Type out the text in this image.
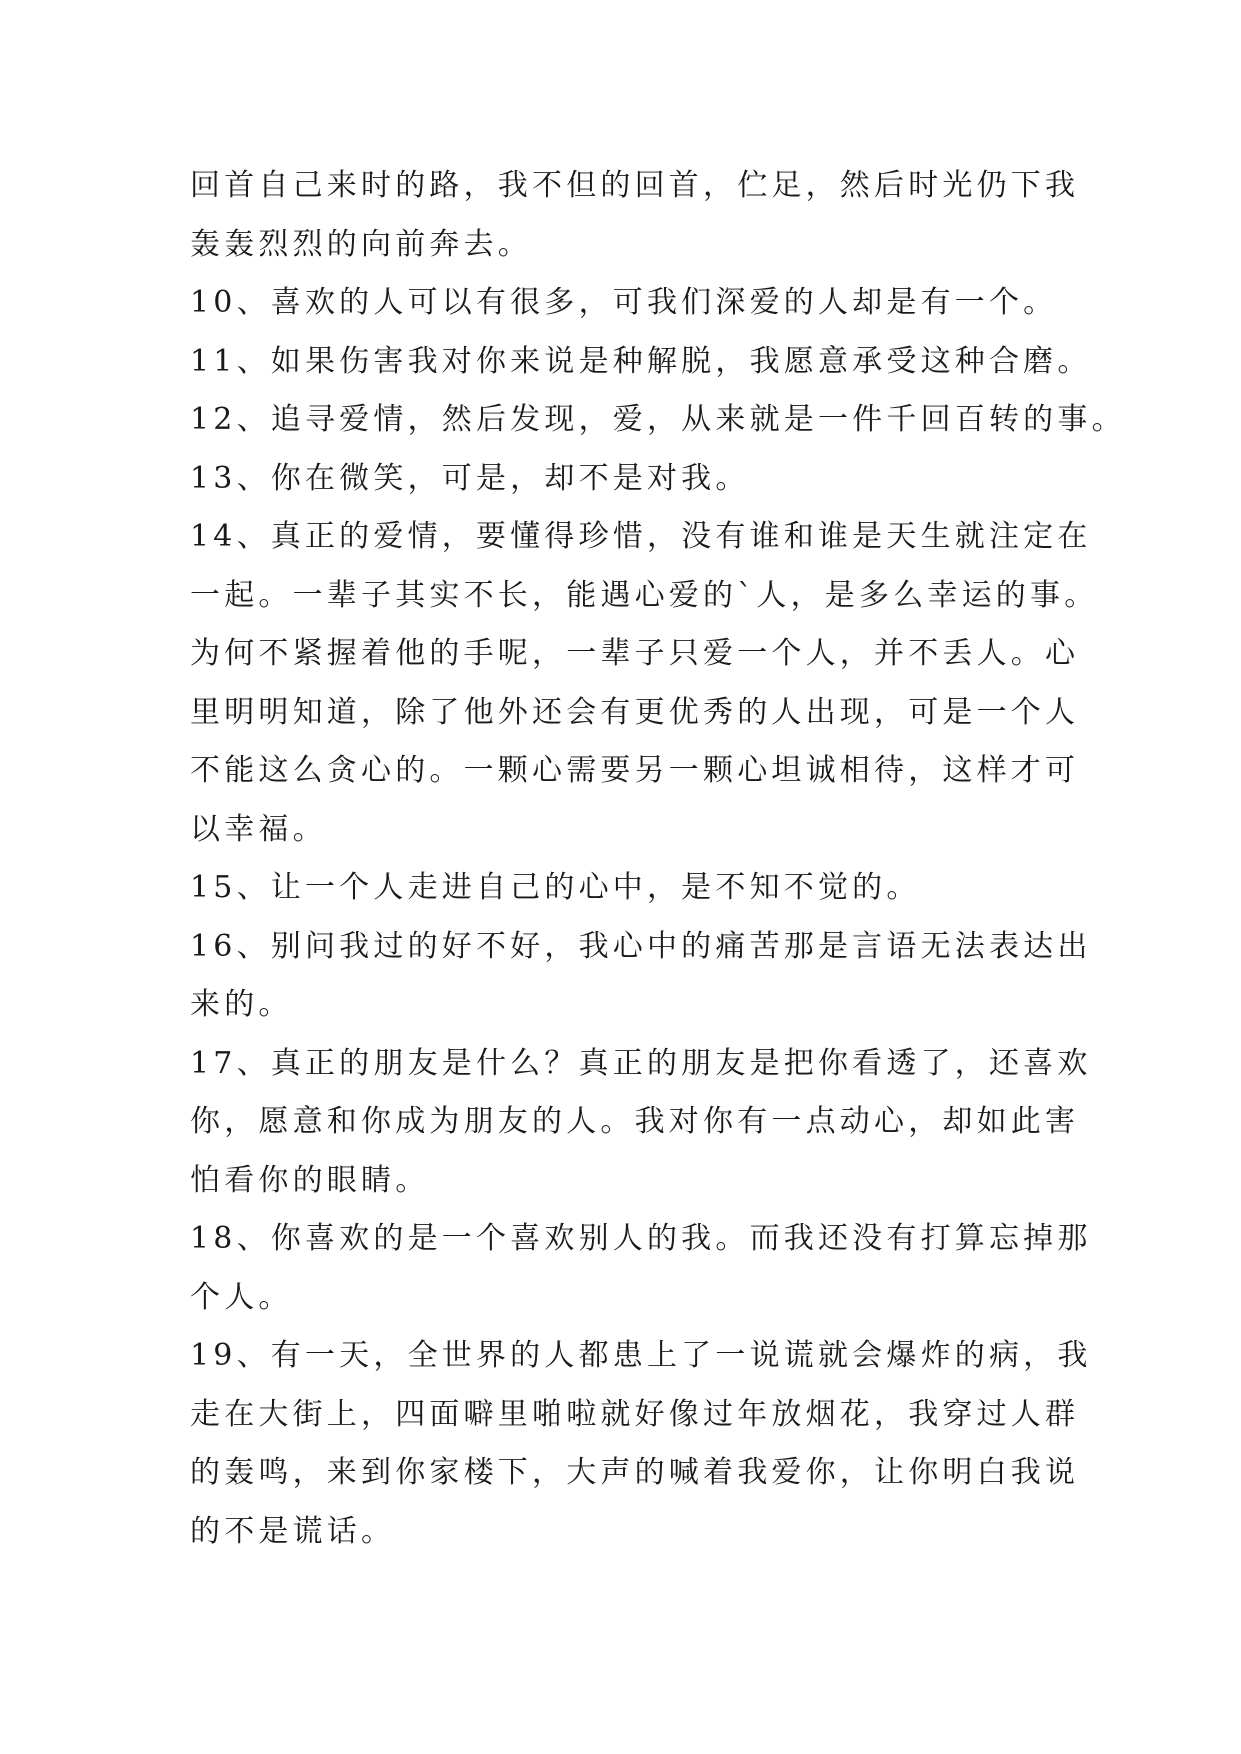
回首自己来时的路，我不但的回首，伫足，然后时光仍下我
轰轰烈烈的向前奔去。
10、喜欢的人可以有很多，可我们深爱的人却是有一个。
11、如果伤害我对你来说是种解脱，我愿意承受这种合磨。
12、追寻爱情，然后发现，爱，从来就是一件千回百转的事。
13、你在微笑，可是，却不是对我。
14、真正的爱情，要懂得珍惜，没有谁和谁是天生就注定在
一起。一辈子其实不长，能遇心爱的`人，是多么幸运的事。
为何不紧握着他的手呢，一辈子只爱一个人，并不丢人。心
里明明知道，除了他外还会有更优秀的人出现，可是一个人
不能这么贪心的。一颗心需要另一颗心坦诚相待，这样才可
以幸福。
15、让一个人走进自己的心中，是不知不觉的。
16、别问我过的好不好，我心中的痛苦那是言语无法表达出
来的。
17、真正的朋友是什么？真正的朋友是把你看透了，还喜欢
你，愿意和你成为朋友的人。我对你有一点动心，却如此害
怕看你的眼睛。
18、你喜欢的是一个喜欢别人的我。而我还没有打算忘掉那
个人。
19、有一天，全世界的人都患上了一说谎就会爆炸的病，我
走在大街上，四面噼里啪啦就好像过年放烟花，我穿过人群
的轰鸣，来到你家楼下，大声的喊着我爱你，让你明白我说
的不是谎话。
